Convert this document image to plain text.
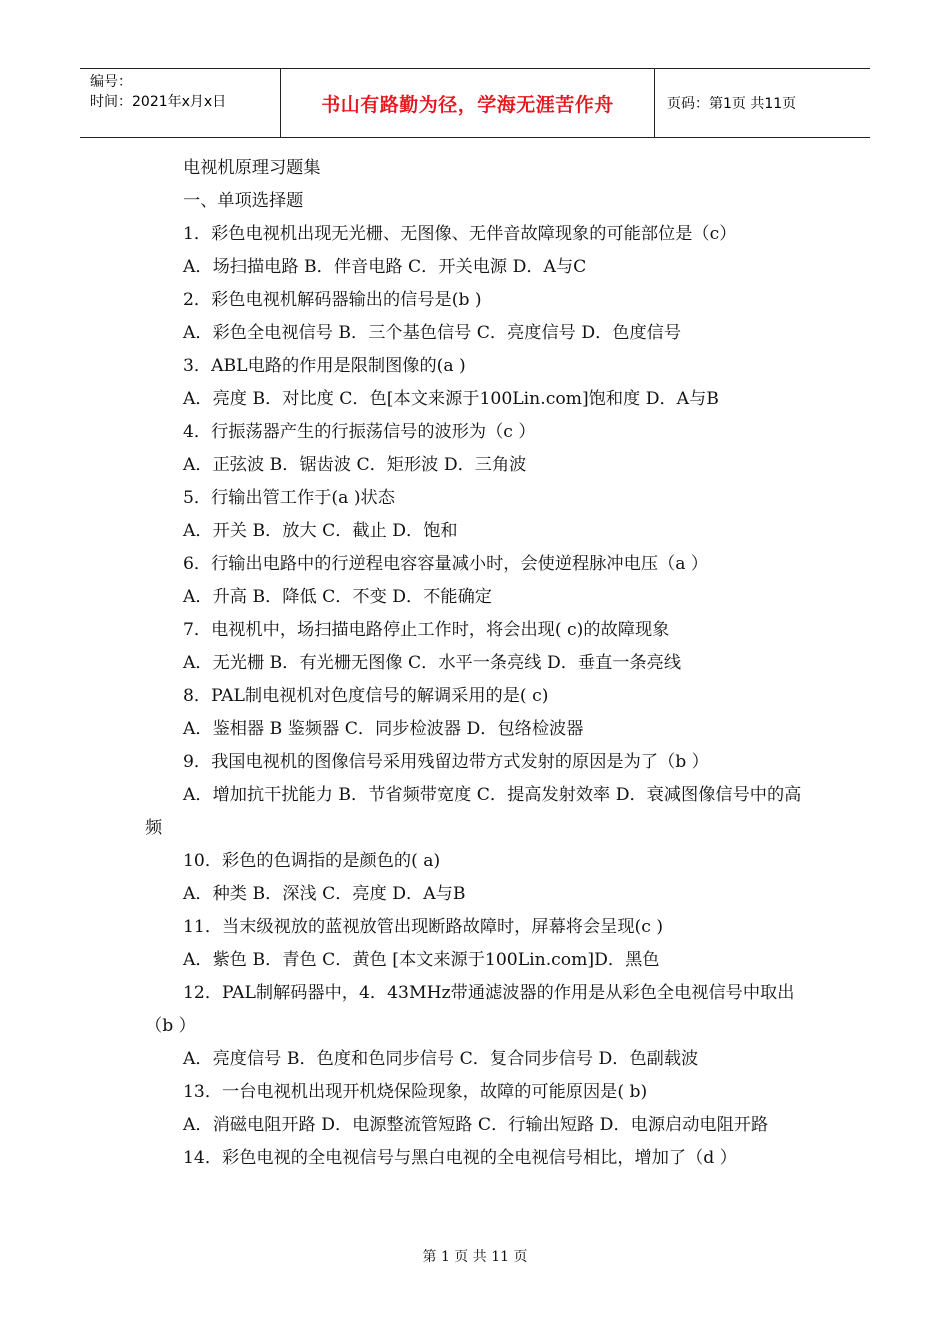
编号：
时间：2021年x月x日	书山有路勤为径，学海无涯苦作舟	页码：第1页 共11页

电视机原理习题集

一、单项选择题

1．彩色电视机出现无光栅、无图像、无伴音故障现象的可能部位是（c）

A．场扫描电路 B．伴音电路 C．开关电源 D．A与C

2．彩色电视机解码器输出的信号是(b )

A．彩色全电视信号 B．三个基色信号 C．亮度信号 D．色度信号

3．ABL电路的作用是限制图像的(a )

A．亮度 B．对比度 C．色[本文来源于100Lin.com]饱和度 D．A与B

4．行振荡器产生的行振荡信号的波形为（c ）

A．正弦波 B．锯齿波 C．矩形波 D．三角波

5．行输出管工作于(a )状态

A．开关 B．放大 C．截止 D．饱和

6．行输出电路中的行逆程电容容量减小时，会使逆程脉冲电压（a ）

A．升高 B．降低 C．不变 D．不能确定

7．电视机中，场扫描电路停止工作时，将会出现( c)的故障现象

A．无光栅 B．有光栅无图像 C．水平一条亮线 D．垂直一条亮线

8．PAL制电视机对色度信号的解调采用的是( c)

A．鉴相器 B 鉴频器 C．同步检波器 D．包络检波器

9．我国电视机的图像信号采用残留边带方式发射的原因是为了（b ）

A．增加抗干扰能力 B．节省频带宽度 C．提高发射效率 D．衰减图像信号中的高频

10．彩色的色调指的是颜色的( a)

A．种类 B．深浅 C．亮度 D．A与B

11．当末级视放的蓝视放管出现断路故障时，屏幕将会呈现(c )

A．紫色 B．青色 C．黄色 [本文来源于100Lin.com]D．黑色

12．PAL制解码器中，4．43MHz带通滤波器的作用是从彩色全电视信号中取出（b ）

A．亮度信号 B．色度和色同步信号 C．复合同步信号 D．色副载波

13．一台电视机出现开机烧保险现象，故障的可能原因是( b)

A．消磁电阻开路 D．电源整流管短路 C．行输出短路 D．电源启动电阻开路

14．彩色电视的全电视信号与黑白电视的全电视信号相比，增加了（d ）

第 1 页 共 11 页
